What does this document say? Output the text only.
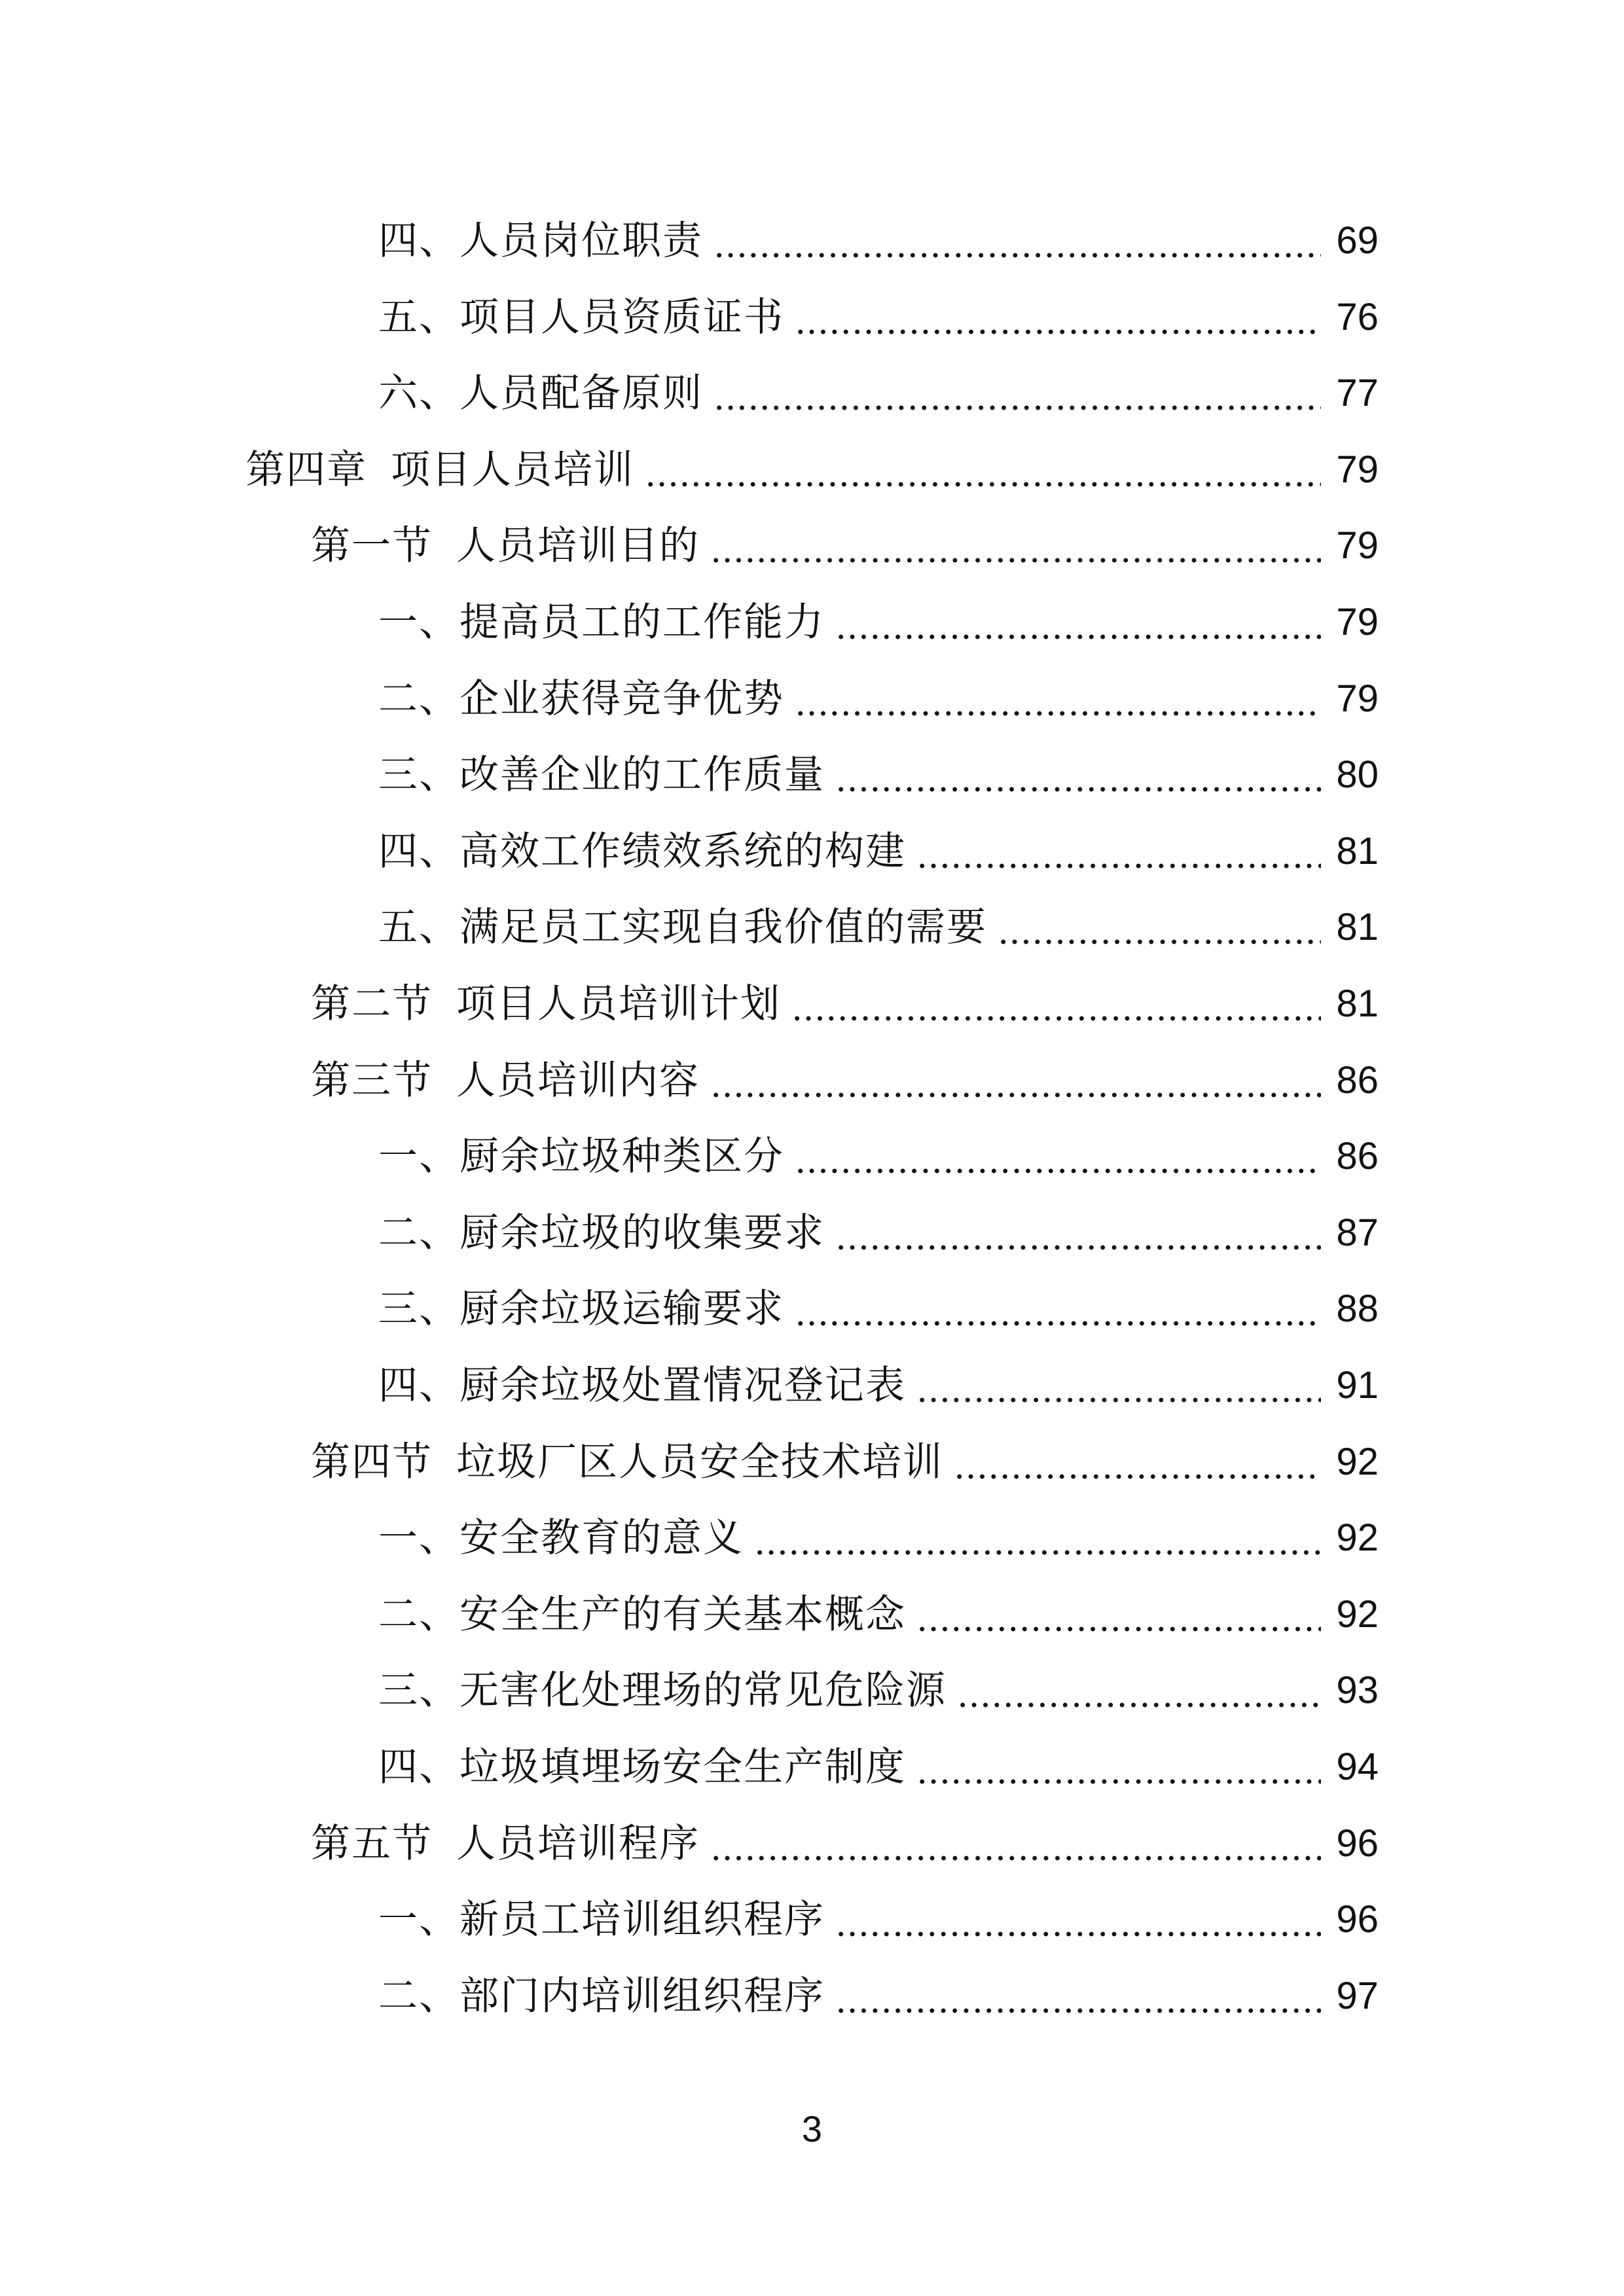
四、人员岗位职责	69
五、项目人员资质证书	76
六、人员配备原则	77
第四章 项目人员培训	79
第一节 人员培训目的	79
一、提高员工的工作能力	79
二、企业获得竞争优势	79
三、改善企业的工作质量	80
四、高效工作绩效系统的构建	81
五、满足员工实现自我价值的需要	81
第二节 项目人员培训计划	81
第三节 人员培训内容	86
一、厨余垃圾种类区分	86
二、厨余垃圾的收集要求	87
三、厨余垃圾运输要求	88
四、厨余垃圾处置情况登记表	91
第四节 垃圾厂区人员安全技术培训	92
一、安全教育的意义	92
二、安全生产的有关基本概念	92
三、无害化处理场的常见危险源	93
四、垃圾填埋场安全生产制度	94
第五节 人员培训程序	96
一、新员工培训组织程序	96
二、部门内培训组织程序	97
3
